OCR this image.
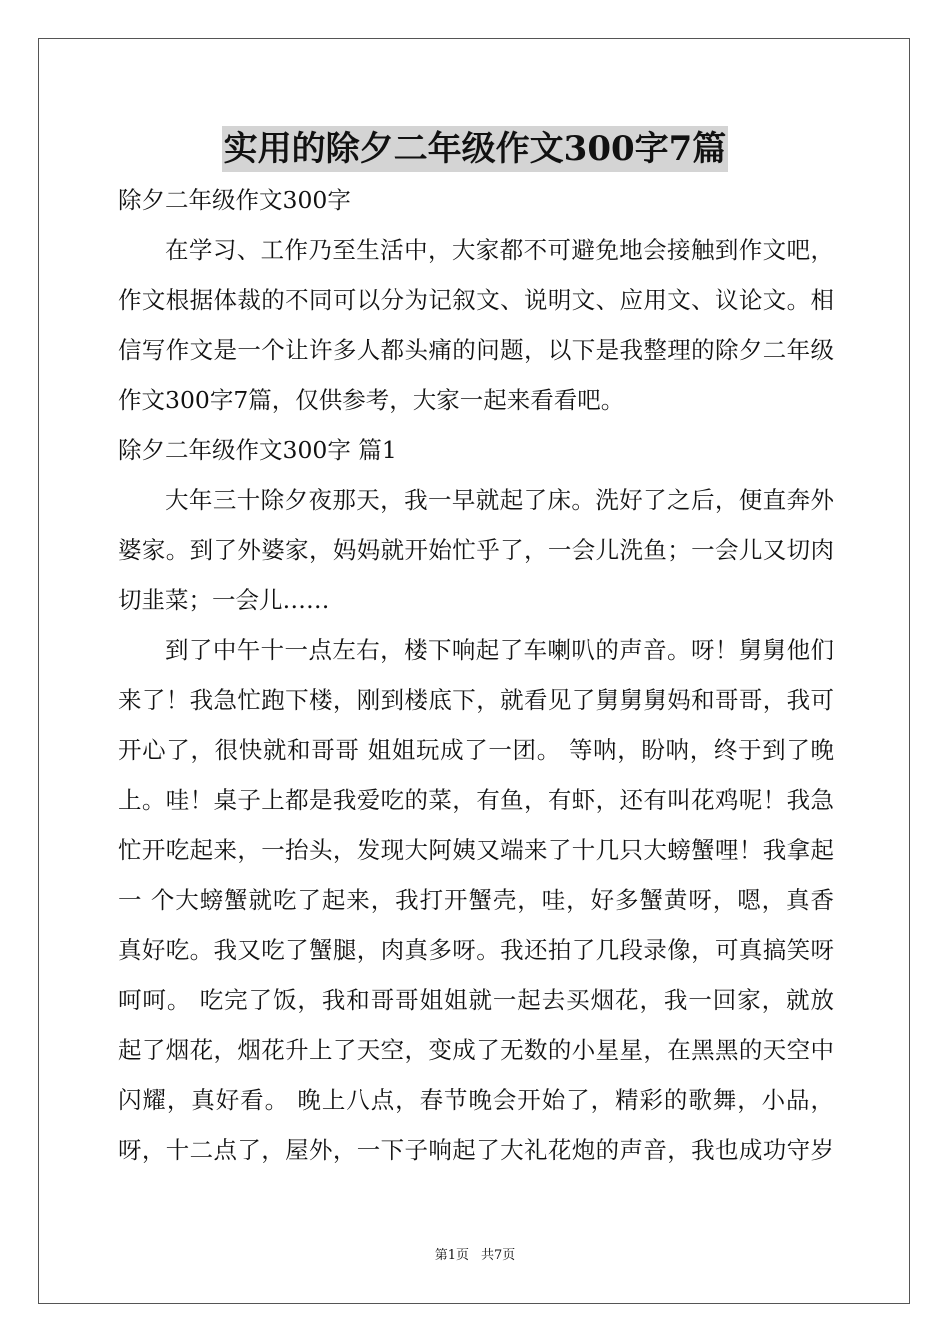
实用的除夕二年级作文300字7篇

除夕二年级作文300字

在学习、工作乃至生活中，大家都不可避免地会接触到作文吧，
作文根据体裁的不同可以分为记叙文、说明文、应用文、议论文。相
信写作文是一个让许多人都头痛的问题，以下是我整理的除夕二年级
作文300字7篇，仅供参考，大家一起来看看吧。

除夕二年级作文300字 篇1

大年三十除夕夜那天，我一早就起了床。洗好了之后，便直奔外
婆家。到了外婆家，妈妈就开始忙乎了，一会儿洗鱼；一会儿又切肉
切韭菜；一会儿……
到了中午十一点左右，楼下响起了车喇叭的声音。呀！舅舅他们
来了！我急忙跑下楼，刚到楼底下，就看见了舅舅舅妈和哥哥，我可
开心了，很快就和哥哥 姐姐玩成了一团。 等呐，盼呐，终于到了晚
上。哇！桌子上都是我爱吃的菜，有鱼，有虾，还有叫花鸡呢！我急
忙开吃起来，一抬头，发现大阿姨又端来了十几只大螃蟹哩！我拿起
一 个大螃蟹就吃了起来，我打开蟹壳，哇，好多蟹黄呀，嗯，真香
真好吃。我又吃了蟹腿，肉真多呀。我还拍了几段录像，可真搞笑呀
呵呵。 吃完了饭，我和哥哥姐姐就一起去买烟花，我一回家，就放
起了烟花，烟花升上了天空，变成了无数的小星星，在黑黑的天空中
闪耀，真好看。 晚上八点，春节晚会开始了，精彩的歌舞，小品，
呀，十二点了，屋外，一下子响起了大礼花炮的声音，我也成功守岁
第1页 共7页
